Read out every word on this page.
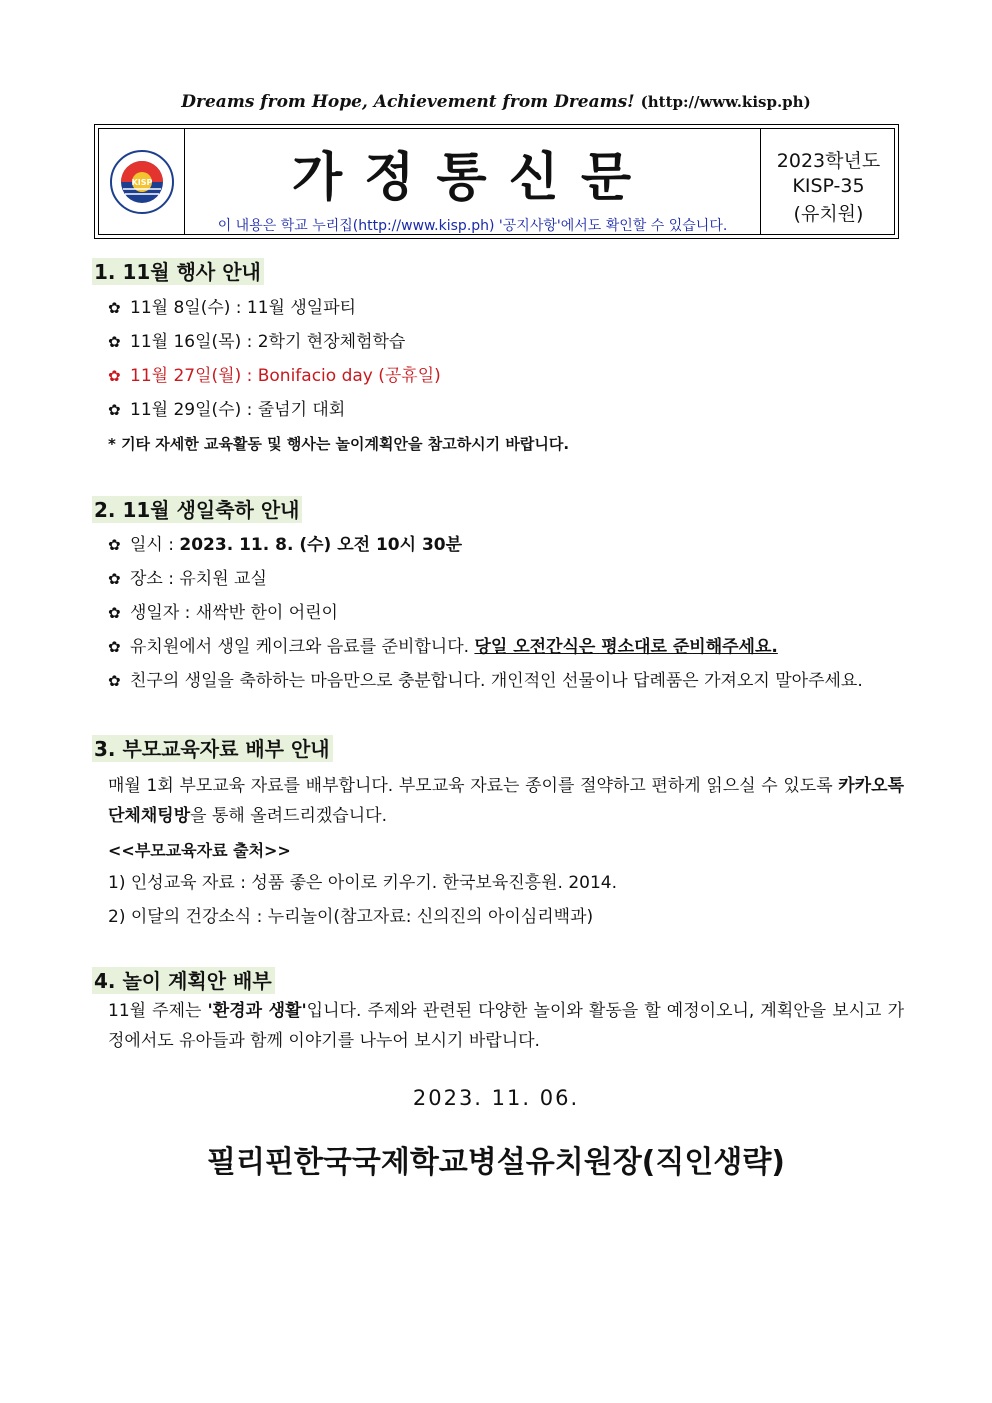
Dreams from Hope, Achievement from Dreams! (http://www.kisp.ph)
KISP	가정통신문
이 내용은 학교 누리집(http://www.kisp.ph) '공지사항'에서도 확인할 수 있습니다.
2023학년도
KISP-35
(유치원)
1. 11월 행사 안내
✿ 11월 8일(수) : 11월 생일파티
✿ 11월 16일(목) : 2학기 현장체험학습
✿ 11월 27일(월) : Bonifacio day (공휴일)
✿ 11월 29일(수) : 줄넘기 대회
* 기타 자세한 교육활동 및 행사는 놀이계획안을 참고하시기 바랍니다.
2. 11월 생일축하 안내
✿ 일시 : 2023. 11. 8. (수) 오전 10시 30분
✿ 장소 : 유치원 교실
✿ 생일자 : 새싹반 한이 어린이
✿ 유치원에서 생일 케이크와 음료를 준비합니다. 당일 오전간식은 평소대로 준비해주세요.
✿ 친구의 생일을 축하하는 마음만으로 충분합니다. 개인적인 선물이나 답례품은 가져오지 말아주세요.
3. 부모교육자료 배부 안내
매월 1회 부모교육 자료를 배부합니다. 부모교육 자료는 종이를 절약하고 편하게 읽으실 수 있도록 카카오톡 단체채팅방을 통해 올려드리겠습니다.
<<부모교육자료 출처>>
1) 인성교육 자료 : 성품 좋은 아이로 키우기. 한국보육진흥원. 2014.
2) 이달의 건강소식 : 누리놀이(참고자료: 신의진의 아이심리백과)
4. 놀이 계획안 배부
11월 주제는 '환경과 생활'입니다. 주제와 관련된 다양한 놀이와 활동을 할 예정이오니, 계획안을 보시고 가정에서도 유아들과 함께 이야기를 나누어 보시기 바랍니다.
2023. 11. 06.
필리핀한국국제학교병설유치원장(직인생략)
